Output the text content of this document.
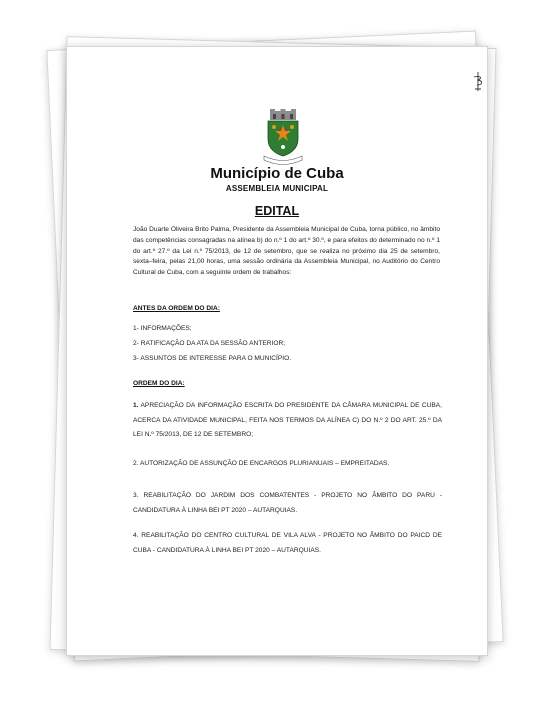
Município de Cuba
ASSEMBLEIA MUNICIPAL
EDITAL
João Duarte Oliveira Brito Palma, Presidente da Assembleia Municipal de Cuba, torna público, no âmbito das competências consagradas na alínea b) do n.º 1 do art.º 30.º, e para efeitos do determinado no n.º 1 do art.º 27.º da Lei n.º 75/2013, de 12 de setembro, que se realiza no próximo dia 25 de setembro, sexta–feira, pelas 21,00 horas, uma sessão ordinária da Assembleia Municipal, no Auditório do Centro Cultural de Cuba, com a seguinte ordem de trabalhos:
ANTES DA ORDEM DO DIA:
1- INFORMAÇÕES;
2- RATIFICAÇÃO DA ATA DA SESSÃO ANTERIOR;
3- ASSUNTOS DE INTERESSE PARA O MUNICÍPIO.
ORDEM DO DIA:
1. APRECIAÇÃO DA INFORMAÇÃO ESCRITA DO PRESIDENTE DA CÂMARA MUNICIPAL DE CUBA, ACERCA DA ATIVIDADE MUNICIPAL, FEITA NOS TERMOS DA ALÍNEA C) DO N.º 2 DO ART. 25.º DA LEI N.º 75/2013, DE 12 DE SETEMBRO;
2. AUTORIZAÇÃO DE ASSUNÇÃO DE ENCARGOS PLURIANUAIS – EMPREITADAS.
3. REABILITAÇÃO DO JARDIM DOS COMBATENTES - PROJETO NO ÂMBITO DO PARU - CANDIDATURA À LINHA BEI PT 2020 – AUTARQUIAS.
4. REABILITAÇÃO DO CENTRO CULTURAL DE VILA ALVA - PROJETO NO ÂMBITO DO PAICD DE CUBA - CANDIDATURA À LINHA BEI PT 2020 – AUTARQUIAS.
